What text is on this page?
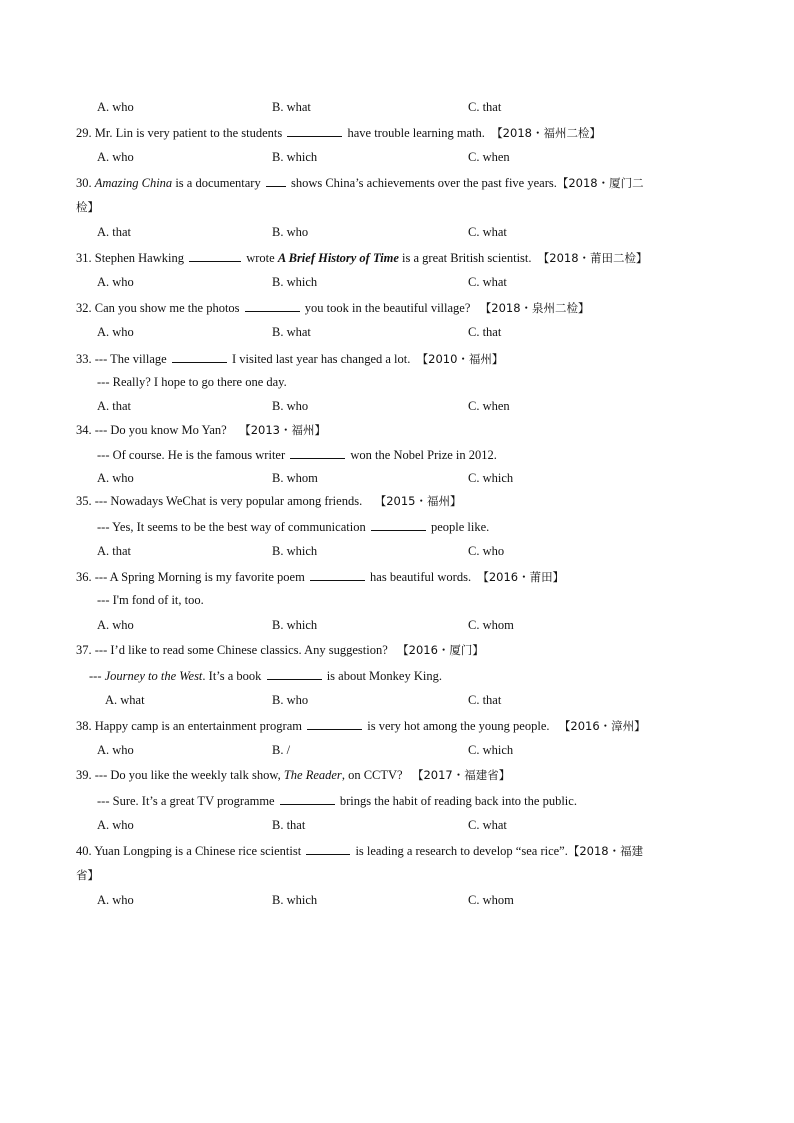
A. who	B. what	C. that
29. Mr. Lin is very patient to the students	have trouble learning math. 【2018・福州二检】
A. who	B. which	C. when
30. Amazing China is a documentary  shows China’s achievements over the past five years.【2018・厦门二
检】
A. that	B. who	C. what
31. Stephen Hawking	wrote A Brief History of Time is a great British scientist. 【2018・莆田二检】
A. who	B. which	C. what
32. Can you show me the photos	you took in the beautiful village? 【2018・泉州二检】
A. who	B. what	C. that
33. --- The village	I visited last year has changed a lot. 【2010・福州】
--- Really? I hope to go there one day.
A. that	B. who	C. when
34. --- Do you know Mo Yan? 【2013・福州】
--- Of course. He is the famous writer	won the Nobel Prize in 2012.
A. who	B. whom	C. which
35. --- Nowadays WeChat is very popular among friends. 【2015・福州】
--- Yes, It seems to be the best way of communication	people like.
A. that	B. which	C. who
36. --- A Spring Morning is my favorite poem	has beautiful words. 【2016・莆田】
--- I'm fond of it, too.
A. who	B. which	C. whom
37. --- I’d like to read some Chinese classics. Any suggestion? 【2016・厦门】
--- Journey to the West. It’s a book	is about Monkey King.
A. what	B. who	C. that
38. Happy camp is an entertainment program	is very hot among the young people. 【2016・漳州】
A. who	B. /	C. which
39. --- Do you like the weekly talk show, The Reader, on CCTV? 【2017・福建省】
--- Sure. It’s a great TV programme	brings the habit of reading back into the public.
A. who	B. that	C. what
40. Yuan Longping is a Chinese rice scientist	is leading a research to develop “sea rice”.【2018・福建
省】
A. who	B. which	C. whom
